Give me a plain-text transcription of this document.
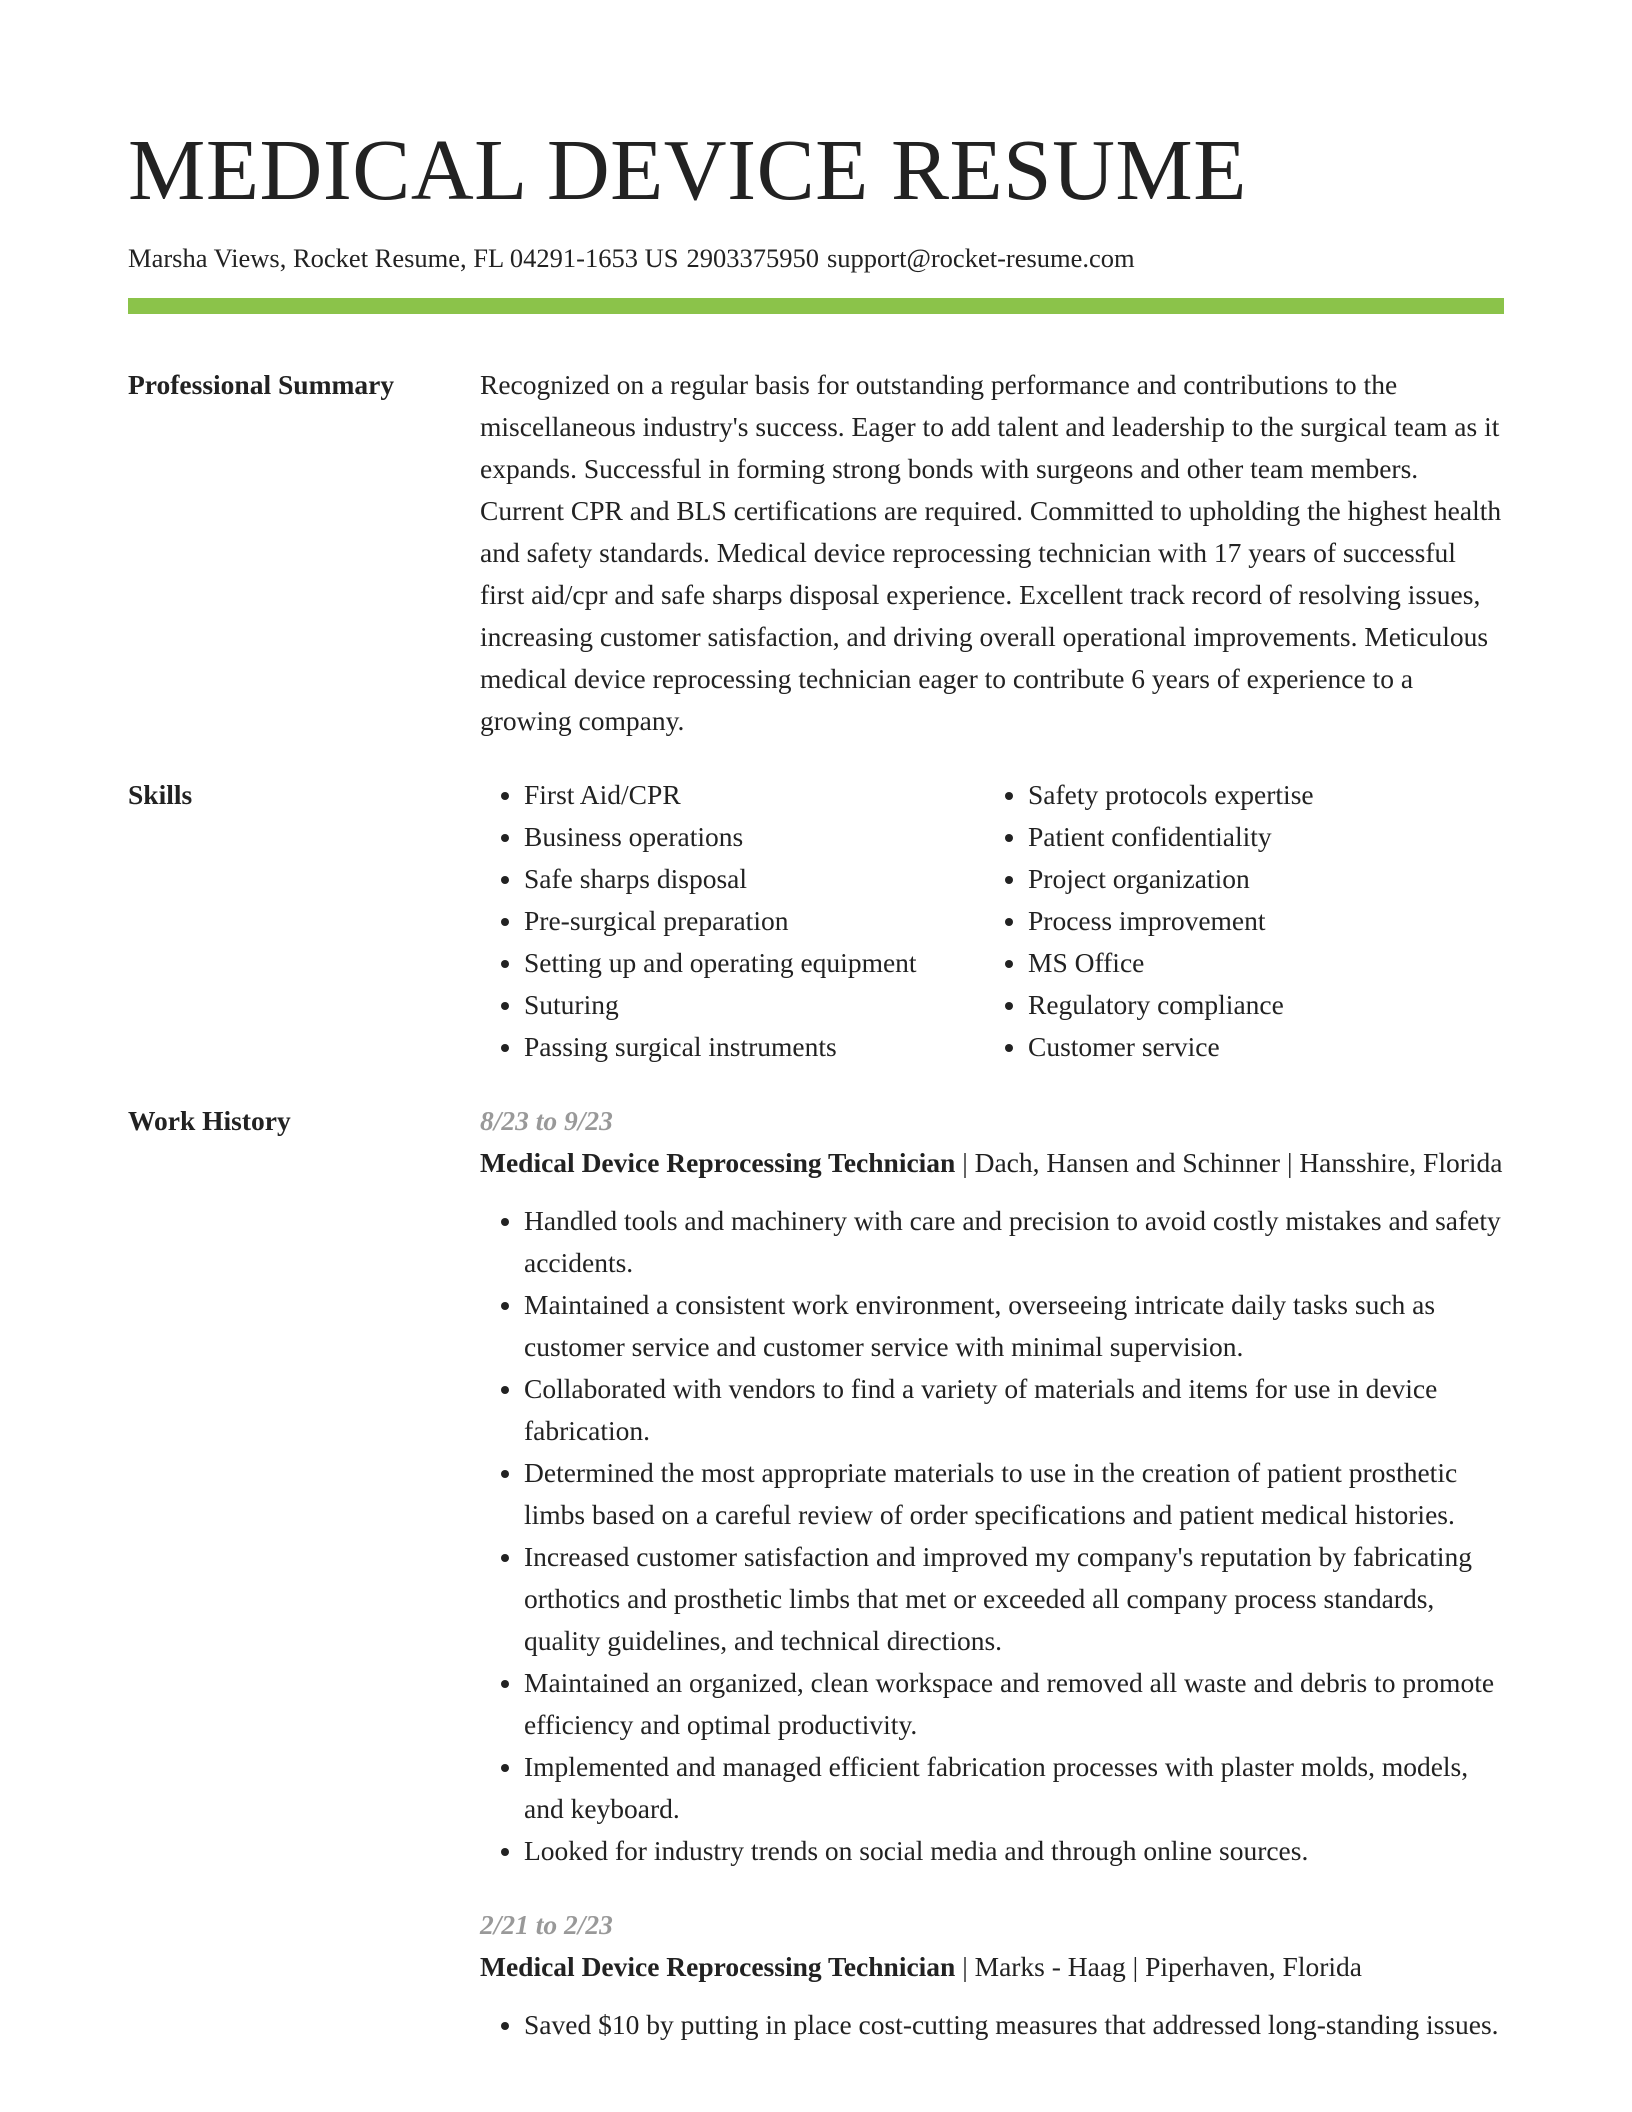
MEDICAL DEVICE RESUME
Marsha Views, Rocket Resume, FL 04291-1653 US 2903375950 support@rocket-resume.com
Professional Summary	Recognized on a regular basis for outstanding performance and contributions to the miscellaneous industry's success. Eager to add talent and leadership to the surgical team as it expands. Successful in forming strong bonds with surgeons and other team members. Current CPR and BLS certifications are required. Committed to upholding the highest health and safety standards. Medical device reprocessing technician with 17 years of successful first aid/cpr and safe sharps disposal experience. Excellent track record of resolving issues, increasing customer satisfaction, and driving overall operational improvements. Meticulous medical device reprocessing technician eager to contribute 6 years of experience to a growing company.

Skills
•	First Aid/CPR
• Business operations
• Safe sharps disposal
• Pre-surgical preparation
• Setting up and operating equipment
• Suturing
• Passing surgical instruments
• Safety protocols expertise
• Patient confidentiality
• Project organization
• Process improvement
• MS Office
• Regulatory compliance
• Customer service
Work History	8/23 to 9/23
Medical Device Reprocessing Technician | Dach, Hansen and Schinner | Hansshire, Florida
• Handled tools and machinery with care and precision to avoid costly mistakes and safety accidents.
• Maintained a consistent work environment, overseeing intricate daily tasks such as customer service and customer service with minimal supervision.
• Collaborated with vendors to find a variety of materials and items for use in device fabrication.
• Determined the most appropriate materials to use in the creation of patient prosthetic limbs based on a careful review of order specifications and patient medical histories.
• Increased customer satisfaction and improved my company's reputation by fabricating orthotics and prosthetic limbs that met or exceeded all company process standards, quality guidelines, and technical directions.
• Maintained an organized, clean workspace and removed all waste and debris to promote efficiency and optimal productivity.
• Implemented and managed efficient fabrication processes with plaster molds, models, and keyboard.
• Looked for industry trends on social media and through online sources.
2/21 to 2/23
Medical Device Reprocessing Technician | Marks - Haag | Piperhaven, Florida
• Saved $10 by putting in place cost-cutting measures that addressed long-standing issues.
